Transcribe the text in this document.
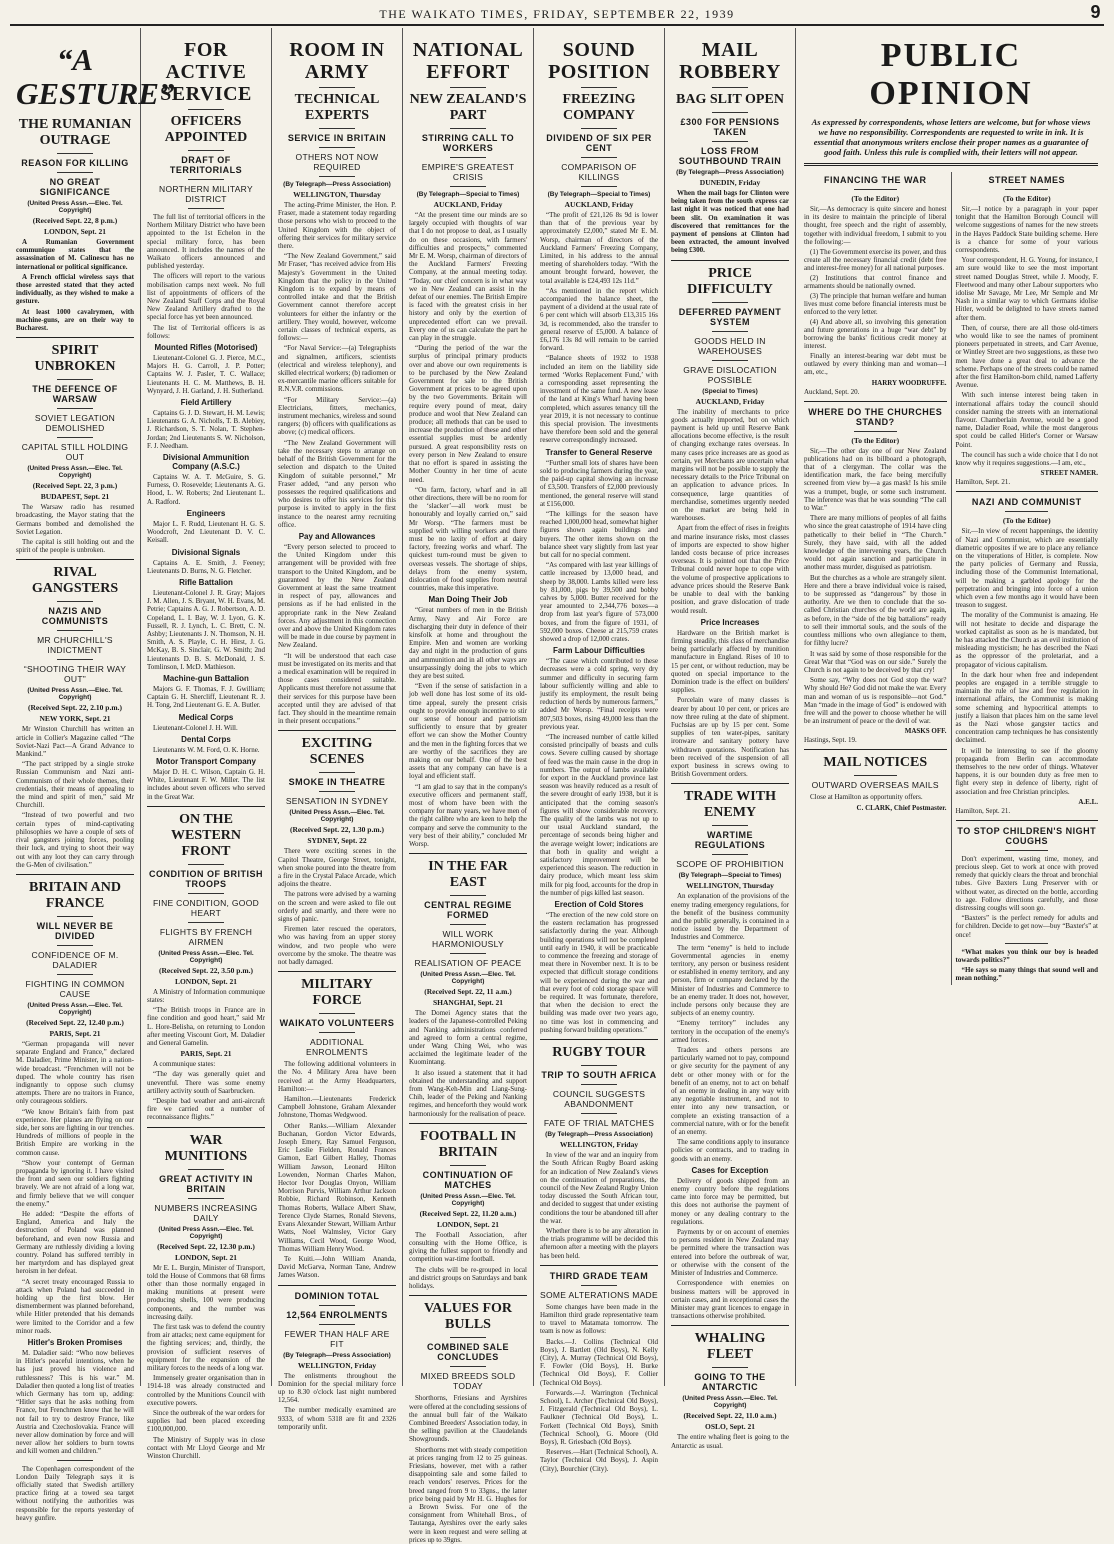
THE WAIKATO TIMES, FRIDAY, SEPTEMBER 22, 1939	9
“A GESTURE”
THE RUMANIAN OUTRAGE
REASON FOR KILLING
NO GREAT SIGNIFICANCE
(United Press Assn.—Elec. Tel. Copyright)
(Received Sept. 22, 8 p.m.)
LONDON, Sept. 21

A Rumanian Government communique states that the assassination of M. Calinescu has no international or political significance.

A French official wireless says that those arrested stated that they acted individually, as they wished to make a gesture.

At least 1000 cavalrymen, with machine-guns, are on their way to Bucharest.

SPIRIT UNBROKEN
THE DEFENCE OF WARSAW
SOVIET LEGATION DEMOLISHED
CAPITAL STILL HOLDING OUT
(United Press Assn.—Elec. Tel. Copyright)
(Received Sept. 22, 3 p.m.)
BUDAPEST, Sept. 21

The Warsaw radio has resumed broadcasting, the Mayor stating that the Germans bombed and demolished the Soviet Legation.

The capital is still holding out and the spirit of the people is unbroken.

RIVAL GANGSTERS
NAZIS AND COMMUNISTS
MR CHURCHILL'S INDICTMENT
“SHOOTING THEIR WAY OUT”
(United Press Assn.—Elec. Tel. Copyright)
(Received Sept. 22, 2.10 p.m.)
NEW YORK, Sept. 21

Mr Winston Churchill has written an article in Collier's Magazine called “The Soviet-Nazi Pact—A Grand Advance to Mankind.”

“The pact stripped by a single stroke Russian Communism and Nazi anti-Communism of their whole themes, their credentials, their means of appealing to the mind and spirit of men,” said Mr Churchill.

“Instead of two powerful and two certain types of mind-captivating philosophies we have a couple of sets of rival gangsters joining forces, pooling their luck, and trying to shoot their way out with any loot they can carry through the G-Men of civilisation.”

BRITAIN AND FRANCE
WILL NEVER BE DIVIDED
CONFIDENCE OF M. DALADIER
FIGHTING IN COMMON CAUSE
(United Press Assn.—Elec. Tel. Copyright)
(Received Sept. 22, 12.40 p.m.)
PARIS, Sept. 21

“German propaganda will never separate England and France,” declared M. Daladier, Prime Minister, in a nation-wide broadcast. “Frenchmen will not be duped. The whole country has risen indignantly to oppose such clumsy attempts. There are no traitors in France, only courageous soldiers.

“We know Britain's faith from past experience. Her planes are flying on our side, her sons are fighting in our trenches. Hundreds of millions of people in the British Empire are working in the common cause.

“Show your contempt of German propaganda by ignoring it. I have visited the front and seen our soldiers fighting bravely. We are not afraid of a long war, and firmly believe that we will conquer the enemy.”

He added: “Despite the efforts of England, America and Italy the destruction of Poland was planned beforehand, and even now Russia and Germany are ruthlessly dividing a loving country. Poland has suffered terribly in her martyrdom and has displayed great heroism in her defeat.

“A secret treaty encouraged Russia to attack when Poland had succeeded in holding up the first blow. Her dismemberment was planned beforehand, while Hitler pretended that his demands were limited to the Corridor and a few minor roads.

Hitler's Broken Promises

M. Daladier said: “Who now believes in Hitler's peaceful intentions, when he has just proved his violence and ruthlessness? This is his war.” M. Daladier then quoted a long list of treaties which Germany has torn up, adding: “Hitler says that he asks nothing from France, but Frenchmen know that he will not fail to try to destroy France, like Austria and Czechoslovakia. France will never allow domination by force and will never allow her soldiers to burn towns and kill women and children.”

The Copenhagen correspondent of the London Daily Telegraph says it is officially stated that Swedish artillery practice firing at a towed sea target without notifying the authorities was responsible for the reports yesterday of heavy gunfire.

FOR ACTIVE SERVICE
OFFICERS APPOINTED
DRAFT OF TERRITORIALS
NORTHERN MILITARY DISTRICT

The full list of territorial officers in the Northern Military District who have been appointed to the 1st Echelon in the special military force, has been announced. It includes the names of the Waikato officers announced and published yesterday.

The officers will report to the various mobilisation camps next week. No full list of appointments of officers of the New Zealand Staff Corps and the Royal New Zealand Artillery drafted to the special force has yet been announced.

The list of Territorial officers is as follows:

Mounted Rifles (Motorised)

Lieutenant-Colonel G. J. Pierce, M.C., Majors H. G. Carroll, J. P. Potter; Captains W. J. Pasler, T. C. Wallace; Lieutenants H. C. M. Matthews, B. H. Wynyard, J. H. Garland, J. H. Sutherland.

Field Artillery

Captains G. J. D. Stewart, H. M. Lewis; Lieutenants G. A. Nicholls, T. B. Alebiey, J. Richardson, S. T. Nolan, T. Stephen-Jordan; 2nd Lieutenants S. W. Nicholson, F. J. Needham.

Divisional Ammunition Company (A.S.C.)

Captains W. A. T. McGuire, S. G. Furness, O. Rosevelde; Lieutenants A. G. Hood, L. W. Roberts; 2nd Lieutenant L. A. Radford.

Engineers

Major L. F. Rudd, Lieutenant H. G. S. Woodcroft, 2nd Lieutenant D. V. C. Keisall.

Divisional Signals

Captains A. E. Smith, J. Feeney; Lieutenants D. Burns, N. G. Fletcher.

Rifle Battalion

Lieutenant-Colonel J. R. Gray; Majors J. M. Allen, J. S. Bryant, W. H. Evans, M. Petrie; Captains A. G. J. Robertson, A. D. Copeland, L. I. Bay, W. J. Lyon, G. K. Fussell, R. J. Lynch, L. C. Brett, C. N. Ashby; Lieutenants J. N. Thomson, N. H. Smith, A. S. Playle, C. H. Hirst, J. G. McKay, B. S. Sinclair, G. W. Smith; 2nd Lieutenants D. B. S. McDonald, J. S. Tomlinson, I. McD. Mathieson.

Machine-gun Battalion

Majors G. F. Thomas, F. J. Gwilliam; Captain G. H. Shercliff, Lieutenant R. J. H. Tong, 2nd Lieutenant G. E. A. Butler.

Medical Corps

Lieutenant-Colonel J. H. Will.

Dental Corps

Lieutenants W. M. Ford, O. K. Horne.

Motor Transport Company

Major D. H. C. Wilson, Captain G. H. White, Lieutenant F. W. Miller. The list includes about seven officers who served in the Great War.

ON THE WESTERN FRONT
CONDITION OF BRITISH TROOPS
FINE CONDITION, GOOD HEART
FLIGHTS BY FRENCH AIRMEN
(United Press Assn.—Elec. Tel. Copyright)
(Received Sept. 22, 3.50 p.m.)
LONDON, Sept. 21

A Ministry of Information communique states:

“The British troops in France are in fine condition and good heart,” said Mr L. Hore-Belisha, on returning to London after meeting Viscount Gort, M. Daladier and General Gamelin.

PARIS, Sept. 21

A communique states:

“The day was generally quiet and uneventful. There was some enemy artillery activity south of Saarbrucken.

“Despite bad weather and anti-aircraft fire we carried out a number of reconnaissance flights.”

WAR MUNITIONS
GREAT ACTIVITY IN BRITAIN
NUMBERS INCREASING DAILY
(United Press Assn.—Elec. Tel. Copyright)
(Received Sept. 22, 12.30 p.m.)
LONDON, Sept. 21

Mr E. L. Burgin, Minister of Transport, told the House of Commons that 68 firms other than those normally engaged in making munitions at present were producing shells, 100 were producing components, and the number was increasing daily.

The first task was to defend the country from air attacks; next came equipment for the fighting services; and, thirdly, the provision of sufficient reserves of equipment for the expansion of the military forces to the needs of a long war.

Immensely greater organisation than in 1914-18 was already constructed and controlled by the Munitions Council with executive powers.

Since the outbreak of the war orders for supplies had been placed exceeding £100,000,000.

The Ministry of Supply was in close contact with Mr Lloyd George and Mr Winston Churchill.

ROOM IN ARMY
TECHNICAL EXPERTS
SERVICE IN BRITAIN
OTHERS NOT NOW REQUIRED
(By Telegraph—Press Association)
WELLINGTON, Thursday

The acting-Prime Minister, the Hon. P. Fraser, made a statement today regarding those persons who wish to proceed to the United Kingdom with the object of offering their services for military service there.

“The New Zealand Government,” said Mr Fraser, “has received advice from His Majesty's Government in the United Kingdom that the policy in the United Kingdom is to expand by means of controlled intake and that the British Government cannot therefore accept volunteers for either the infantry or the artillery. They would, however, welcome certain classes of technical experts, as follows:—

“For Naval Service:—(a) Telegraphists and signalmen, artificers, scientists (electrical and wireless telephony), and skilled electrical workers; (b) radiomen or ex-mercantile marine officers suitable for R.N.V.R. commissions.

“For Military Service:—(a) Electricians, fitters, mechanics, instrument mechanics, wireless and sound rangers; (b) officers with qualifications as above; (c) medical officers.

“The New Zealand Government will take the necessary steps to arrange on behalf of the British Government for the selection and dispatch to the United Kingdom of suitable personnel,” Mr Fraser added, “and any person who possesses the required qualifications and who desires to offer his services for this purpose is invited to apply in the first instance to the nearest army recruiting office.

Pay and Allowances

“Every person selected to proceed to the United Kingdom under this arrangement will be provided with free transport to the United Kingdom, and be guaranteed by the New Zealand Government at least the same treatment in respect of pay, allowances and pensions as if he had enlisted in the appropriate rank in the New Zealand forces. Any adjustment in this connection over and above the United Kingdom rates will be made in due course by payment in New Zealand.

“It will be understood that each case must be investigated on its merits and that a medical examination will be required in those cases considered suitable. Applicants must therefore not assume that their services for this purpose have been accepted until they are advised of that fact. They should in the meantime remain in their present occupations.”

EXCITING SCENES
SMOKE IN THEATRE
SENSATION IN SYDNEY
(United Press Assn.—Elec. Tel. Copyright)
(Received Sept. 22, 1.30 p.m.)
SYDNEY, Sept. 22

There were exciting scenes in the Capitol Theatre, George Street, tonight, when smoke poured into the theatre from a fire in the Crystal Palace Arcade, which adjoins the theatre.

The patrons were advised by a warning on the screen and were asked to file out orderly and smartly, and there were no signs of panic.

Firemen later rescued the operators, who was having from an upper storey window, and two people who were overcome by the smoke. The theatre was not badly damaged.

MILITARY FORCE
WAIKATO VOLUNTEERS
ADDITIONAL ENROLMENTS

The following additional volunteers in the No. 4 Military Area have been received at the Army Headquarters, Hamilton:—

Hamilton.—Lieutenants Frederick Campbell Johnstone, Graham Alexander Johnstone, Thomas Wedgwood.

Other Ranks.—William Alexander Buchanan, Gordon Victor Edwards, Joseph Emery, Ray Samuel Ferguson, Eric Leslie Fielden, Ronald Frances Gamon, Earl Gilbert Halley, Thomas William Jawson, Leonard Hilton Lowenden, Norman Charles Mahon, Hector Ivor Douglas Onyon, William Morrison Purvis, William Arthur Jackson Robbie, Richard Robinson, Kenneth Thomas Roberts, Wallace Albert Shaw, Terence Clyde Starnes, Ronald Stevens, Evans Alexander Stewart, William Arthur Watts, Noel Walmsley, Victor Gary Williams, Cecil Wood, George Wood, Thomas William Henry Wood.

Te Kuiti.—John William Ananda, David McGarva, Norman Tane, Andrew James Watson.

DOMINION TOTAL
12,564 ENROLMENTS
FEWER THAN HALF ARE FIT
(By Telegraph—Press Association)
WELLINGTON, Friday

The enlistments throughout the Dominion for the special military force up to 8.30 o'clock last night numbered 12,564.

The number medically examined are 9333, of whom 5318 are fit and 2326 temporarily unfit.

NATIONAL EFFORT
NEW ZEALAND'S PART
STIRRING CALL TO WORKERS
EMPIRE'S GREATEST CRISIS
(By Telegraph—Special to Times)
AUCKLAND, Friday

“At the present time our minds are so largely occupied with thoughts of war that I do not propose to deal, as I usually do on these occasions, with farmers' difficulties and prospects,” commented Mr E. M. Worsp, chairman of directors of the Auckland Farmers' Freezing Company, at the annual meeting today. “Today, our chief concern is in what way we in New Zealand can assist in the defeat of our enemies. The British Empire is faced with the greatest crisis in her history and only by the exertion of unprecedented effort can we prevail. Every one of us can calculate the part he can play in the struggle.

“During the period of the war the surplus of principal primary products over and above our own requirements is to be purchased by the New Zealand Government for sale to the British Government at prices to be agreed upon by the two Governments. Britain will require every pound of meat, dairy produce and wool that New Zealand can produce; all methods that can be used to increase the production of these and other essential supplies must be ardently pursued. A great responsibility rests on every person in New Zealand to ensure that no effort is spared in assisting the Mother Country in her time of acute need.

“On farm, factory, wharf and in all other directions, there will be no room for the ‘slacker’—all work must be honourably and loyally carried on,” said Mr Worsp. “The farmers must be supplied with willing workers and there must be no laxity of effort at dairy factory, freezing works and wharf. The quickest turn-round must be given to overseas vessels. The shortage of ships, delays from the enemy system, dislocation of food supplies from neutral countries, make this imperative.

Man Doing Their Job

“Great numbers of men in the British Army, Navy and Air Force are discharging their duty in defence of their kinsfolk at home and throughout the Empire. Men and women are working day and night in the production of guns and ammunition and in all other ways are unsurpassingly doing the jobs to which they are best suited.

“Even if the sense of satisfaction in a job well done has lost some of its old-time appeal, surely the present crisis ought to provide enough incentive to stir our sense of honour and patriotism sufficiently to ensure that by greater effort we can show the Mother Country and the men in the fighting forces that we are worthy of the sacrifices they are making on our behalf. One of the best assets that any company can have is a loyal and efficient staff.

“I am glad to say that in the company's executive officers and permanent staff, most of whom have been with the company for many years, we have men of the right calibre who are keen to help the company and serve the community to the very best of their ability,” concluded Mr Worsp.

IN THE FAR EAST
CENTRAL REGIME FORMED
WILL WORK HARMONIOUSLY
REALISATION OF PEACE
(United Press Assn.—Elec. Tel. Copyright)
(Received Sept. 22, 11 a.m.)
SHANGHAI, Sept. 21

The Domei Agency states that the leaders of the Japanese-controlled Peking and Nanking administrations conferred and agreed to form a central regime, under Wang Ching Wei, who was acclaimed the legitimate leader of the Kuomintang.

It also issued a statement that it had obtained the understanding and support from Wang-Keh-Min and Liang-Sung-Chih, leader of the Peking and Nanking regimes, and henceforth they would work harmoniously for the realisation of peace.

FOOTBALL IN BRITAIN
CONTINUATION OF MATCHES
(United Press Assn.—Elec. Tel. Copyright)
(Received Sept. 22, 11.20 a.m.)
LONDON, Sept. 21

The Football Association, after consulting with the Home Office, is giving the fullest support to friendly and competition war-time football.

The clubs will be re-grouped in local and district groups on Saturdays and bank holidays.

VALUES FOR BULLS
COMBINED SALE CONCLUDES
MIXED BREEDS SOLD TODAY

Shorthorns, Friesians and Ayrshires were offered at the concluding sessions of the annual bull fair of the Waikato Combined Breeders' Association today, in the selling pavilion at the Claudelands Showgrounds.

Shorthorns met with steady competition at prices ranging from 12 to 25 guineas. Friesians, however, met with a rather disappointing sale and some failed to reach vendors' reserves. Prices for the breed ranged from 9 to 33gns., the latter price being paid by Mr H. G. Hughes for a Brown Swiss. For one of the consignment from Whitehall Bros., of Tautanga, Ayrshires over the early sales were in keen request and were selling at prices up to 39gns.

SOUND POSITION
FREEZING COMPANY
DIVIDEND OF SIX PER CENT
COMPARISON OF KILLINGS
(By Telegraph—Special to Times)
AUCKLAND, Friday

“The profit of £21,126 8s 9d is lower than that of the previous year by approximately £2,000,” stated Mr E. M. Worsp, chairman of directors of the Auckland Farmers' Freezing Company, Limited, in his address to the annual meeting of shareholders today. “With the amount brought forward, however, the total available is £24,493 12s 11d.”

“As mentioned in the report which accompanied the balance sheet, the payment of a dividend at the usual rate of 6 per cent which will absorb £13,315 16s 3d, is recommended, also the transfer to general reserve of £5,000. A balance of £6,176 13s 8d will remain to be carried forward.

“Balance sheets of 1932 to 1938 included an item on the liability side termed ‘Works Replacement Fund,’ with a corresponding asset representing the investment of the same fund. A new lease of the land at King's Wharf having been completed, which assures tenancy till the year 2019, it is not necessary to continue this special provision. The investments have therefore been sold and the general reserve correspondingly increased.

Transfer to General Reserve

“Further small lots of shares have been sold to producing farmers during the year, the paid-up capital showing an increase of £3,500. Transfers of £2,000 previously mentioned, the general reserve will stand at £156,000.

“The killings for the season have reached 1,000,000 head, somewhat higher figures shown again buildings and buyers. The other items shown on the balance sheet vary slightly from last year but call for no special comment.

“As compared with last year killings of cattle increased by 13,000 head, and sheep by 38,000. Lambs killed were less by 81,000, pigs by 39,500 and bobby calves by 5,000. Butter received for the year amounted to 2,344,776 boxes—a drop from last year's figure of 573,000 boxes, and from the figure of 1931, of 592,000 boxes. Cheese at 215,759 crates showed a drop of 12,000 crates.

Farm Labour Difficulties

“The cause which contributed to these decreases were a cold spring, very dry summer and difficulty in securing farm labour sufficiently willing and able to justify its employment, the result being reduction of herds by numerous farmers,” added Mr Worsp. “Final receipts were 807,503 boxes, rising 49,000 less than the previous year.

“The increased number of cattle killed consisted principally of beasts and culls cows. Severe culling caused by shortage of feed was the main cause in the drop in numbers. The output of lambs available for export in the Auckland province last season was heavily reduced as a result of the severe drought of early 1938, but it is anticipated that the coming season's figures will show considerable recovery. The quality of the lambs was not up to our usual Auckland standard, the percentage of seconds being higher and the average weight lower; indications are that both in quality and weight a satisfactory improvement will be experienced this season. The reduction in dairy produce, which meant less skim milk for pig food, accounts for the drop in the number of pigs killed last season.

Erection of Cold Stores

“The erection of the new cold store on the eastern reclamation has progressed satisfactorily during the year. Although building operations will not be completed until early in 1940, it will be practicable to commence the freezing and storage of meat there in November next. It is to be expected that difficult storage conditions will be experienced during the war and that every foot of cold storage space will be required. It was fortunate, therefore, that when the decision to erect the building was made over two years ago, no time was lost in commencing and pushing forward building operations.”

RUGBY TOUR
TRIP TO SOUTH AFRICA
COUNCIL SUGGESTS ABANDONMENT
FATE OF TRIAL MATCHES
(By Telegraph—Press Association)
WELLINGTON, Friday

In view of the war and an inquiry from the South African Rugby Board asking for an indication of New Zealand's views on the continuation of preparations, the council of the New Zealand Rugby Union today discussed the South African tour, and decided to suggest that under existing conditions the tour be abandoned till after the war.

Whether there is to be any alteration in the trials programme will be decided this afternoon after a meeting with the players has been held.

THIRD GRADE TEAM
SOME ALTERATIONS MADE

Some changes have been made in the Hamilton third grade representative team to travel to Matamata tomorrow. The team is now as follows:

Backs.—J. Collins (Technical Old Boys), J. Bartlett (Old Boys), N. Kelly (City), A. Murray (Technical Old Boys), F. Fowler (Old Boys), H. Burke (Technical Old Boys), F. Collier (Technical Old Boys).

Forwards.—J. Warrington (Technical School), L. Archer (Technical Old Boys), J. Fitzgerald (Technical Old Boys), L. Faulkner (Technical Old Boys), L. Forkett (Technical Old Boys), Smith (Technical School), G. Moore (Old Boys), R. Griesbach (Old Boys).

Reserves.—Hart (Technical School), A. Taylor (Technical Old Boys), J. Aspin (City), Bourchier (City).

MAIL ROBBERY
BAG SLIT OPEN
£300 FOR PENSIONS TAKEN
LOSS FROM SOUTHBOUND TRAIN
(By Telegraph—Press Association)
DUNEDIN, Friday

When the mail bags for Clinton were being taken from the south express car last night it was noticed that one had been slit. On examination it was discovered that remittances for the payment of pensions at Clinton had been extracted, the amount involved being £300.

PRICE DIFFICULTY
DEFERRED PAYMENT SYSTEM
GOODS HELD IN WAREHOUSES
GRAVE DISLOCATION POSSIBLE
(Special to Times)
AUCKLAND, Friday

The inability of merchants to price goods actually imported, but on which payment is held up until Reserve Bank allocations become effective, is the result of changing exchange rates overseas. In many cases price increases are as good as certain, yet Merchants are uncertain what margins will not be possible to supply the necessary details to the Price Tribunal on an application to advance prices. In consequence, large quantities of merchandise, sometimes urgently needed on the market are being held in warehouses.

Apart from the effect of rises in freights and marine insurance risks, most classes of imports are expected to show higher landed costs because of price increases overseas. It is pointed out that the Price Tribunal could never hope to cope with the volume of prospective applications to advance prices should the Reserve Bank be unable to deal with the banking position, and grave dislocation of trade would result.

Price Increases

Hardware on the British market is firming steadily, this class of merchandise being particularly affected by munition manufacture in England. Rises of 10 to 15 per cent, or without reduction, may be quoted on special importance to the Dominion trade is the effect on builders' supplies.

Porcelain ware of many classes is dearer by about 10 per cent, or prices are now three ruling at the date of shipment. Fuchsias are up by 15 per cent. Some supplies of ten water-pipes, sanitary ironware and sanitary pottery have withdrawn quotations. Notification has been received of the suspension of all export business in screws owing to British Government orders.

TRADE WITH ENEMY
WARTIME REGULATIONS
SCOPE OF PROHIBITION
(By Telegraph—Special to Times)
WELLINGTON, Thursday

An explanation of the provisions of the enemy trading emergency regulations, for the benefit of the business community and the public generally, is contained in a notice issued by the Department of Industries and Commerce.

The term “enemy” is held to include Governmental agencies in enemy territory, any person or business resident or established in enemy territory, and any person, firm or company declared by the Minister of Industries and Commerce to be an enemy trader. It does not, however, include persons only because they are subjects of an enemy country.

“Enemy territory” includes any territory in the occupation of the enemy's armed forces.

Traders and others persons are particularly warned not to pay, compound or give security for the payment of any debt or other money with or for the benefit of an enemy, not to act on behalf of an enemy in dealing in any way with any negotiable instrument, and not to enter into any new transaction, or complete an existing transaction of a commercial nature, with or for the benefit of an enemy.

The same conditions apply to insurance policies or contracts, and to trading in goods with an enemy.

Cases for Exception

Delivery of goods shipped from an enemy country before the regulations came into force may be permitted, but this does not authorise the payment of money or any dealing contrary to the regulations.

Payments by or on account of enemies to persons resident in New Zealand may be permitted where the transaction was entered into before the outbreak of war, or otherwise with the consent of the Minister of Industries and Commerce.

Correspondence with enemies on business matters will be approved in certain cases, and in exceptional cases the Minister may grant licences to engage in transactions otherwise prohibited.

WHALING FLEET
GOING TO THE ANTARCTIC
(United Press Assn.—Elec. Tel. Copyright)
(Received Sept. 22, 11.0 a.m.)
OSLO, Sept. 21

The entire whaling fleet is going to the Antarctic as usual.

PUBLIC OPINION
As expressed by correspondents, whose letters are welcome, but for whose views we have no responsibility. Correspondents are requested to write in ink. It is essential that anonymous writers enclose their proper names as a guarantee of good faith. Unless this rule is complied with, their letters will not appear.
FINANCING THE WAR
(To the Editor)

Sir,—As democracy is quite sincere and honest in its desire to maintain the principle of liberal thought, free speech and the right of assembly, together with individual freedom, I submit to you the following:—

(1) The Government exercise its power, and thus create all the necessary financial credit (debt free and interest-free money) for all national purposes.

(2) Institutions that control finance and armaments should be nationally owned.

(3) The principle that human welfare and human lives must come before financial interests must be enforced to the very letter.

(4) And above all, so involving this generation and future generations in a huge “war debt” by borrowing the banks' fictitious credit money at interest.

Finally an interest-bearing war debt must be outlawed by every thinking man and woman—I am, etc.,

HARRY WOODRUFFE.
Auckland, Sept. 20.
WHERE DO THE CHURCHES STAND?
(To the Editor)

Sir,—The other day one of our New Zealand publications had on its billboard a photograph, that of a clergyman. The collar was the identification mark, the face being mercifully screened from view by—a gas mask! Is his smile was a trumpet, bugle, or some such instrument. The inference was that he was sounding “The call to War.”

There are many millions of peoples of all faiths who since the great catastrophe of 1914 have cling pathetically to their belief in “The Church.” Surely, they have said, with all the added knowledge of the intervening years, the Church would not again sanction and participate in another mass murder, disguised as patriotism.

But the churches as a whole are strangely silent. Here and there a brave individual voice is raised, to be suppressed as “dangerous” by those in authority. Are we then to conclude that the so-called Christian churches of the world are again, as before, in the “side of the big battalions” ready to sell their immortal souls, and the souls of the countless millions who own allegiance to them, for filthy lucre?

It was said by some of those responsible for the Great War that “God was on our side.” Surely the Church is not again to be deceived by that cry!

Some say, “Why does not God stop the war? Why should He? God did not make the war. Every man and woman of us is responsible—not God.” Man “made in the image of God” is endowed with free will and the power to choose whether he will be an instrument of peace or the devil of war.

MASKS OFF.
Hastings, Sept. 19.
MAIL NOTICES
OUTWARD OVERSEAS MAILS

Close at Hamilton as opportunity offers.

C. CLARK, Chief Postmaster.
STREET NAMES
(To the Editor)

Sir,—I notice by a paragraph in your paper tonight that the Hamilton Borough Council will welcome suggestions of names for the new streets in the Hayes Paddock State building scheme. Here is a chance for some of your various correspondents.

Your correspondent, H. G. Young, for instance, I am sure would like to see the most important street named Douglas Street, while J. Moody, F. Fleetwood and many other Labour supporters who idolise Mr Savage, Mr Lee, Mr Semple and Mr Nash in a similar way to which Germans idolise Hitler, would be delighted to have streets named after them.

Then, of course, there are all those old-timers who would like to see the names of prominent pioneers perpetuated in streets, and Carr Avenue, or Wintley Street are two suggestions, as these two men have done a great deal to advance the scheme. Perhaps one of the streets could be named after the first Hamilton-born child, named Lafferty Avenue.

With such intense interest being taken in international affairs today the council should consider naming the streets with an international flavour. Chamberlain Avenue, would be a good name, Daladier Road, while the most dangerous spot could be called Hitler's Corner or Warsaw Point.

The council has such a wide choice that I do not know why it requires suggestions.—I am, etc.,

STREET NAMER.
Hamilton, Sept. 21.
NAZI AND COMMUNIST
(To the Editor)

Sir,—In view of recent happenings, the identity of Nazi and Communist, which are essentially diametric opposites if we are to place any reliance on the vituperations of Hitler, is complete. Now the party policies of Germany and Russia, including those of the Communist International, will be making a garbled apology for the perpetration and bringing into force of a union which even a few months ago it would have been treason to suggest.

The morality of the Communist is amazing. He will not hesitate to decide and disparage the worked capitalist as soon as he is mandated, but he has attacked the Church as an evil institution of misleading mysticism; he has described the Nazi as the oppressor of the proletariat, and a propagator of vicious capitalism.

In the dark hour when free and independent peoples are engaged in a terrible struggle to maintain the rule of law and free regulation in international affairs, the Communist is making some scheming and hypocritical attempts to justify a liaison that places him on the same level as the Nazi whose gangster tactics and concentration camp techniques he has consistently declaimed.

It will be interesting to see if the gloomy propaganda from Berlin can accommodate themselves to the new order of things. Whatever happens, it is our bounden duty as free men to fight every step in defence of liberty, right of association and free Christian principles.

A.E.L.
Hamilton, Sept. 21.
TO STOP CHILDREN'S NIGHT COUGHS

Don't experiment, wasting time, money, and precious sleep. Get to work at once with proved remedy that quickly clears the throat and bronchial tubes. Give Baxters Lung Preserver with or without water, as directed on the bottle, according to age. Follow directions carefully, and those distressing coughs will soon go.

“Baxters” is the perfect remedy for adults and for children. Decide to get now—buy “Baxter's” at once!

“What makes you think our boy is headed towards politics?”

“He says so many things that sound well and mean nothing.”
